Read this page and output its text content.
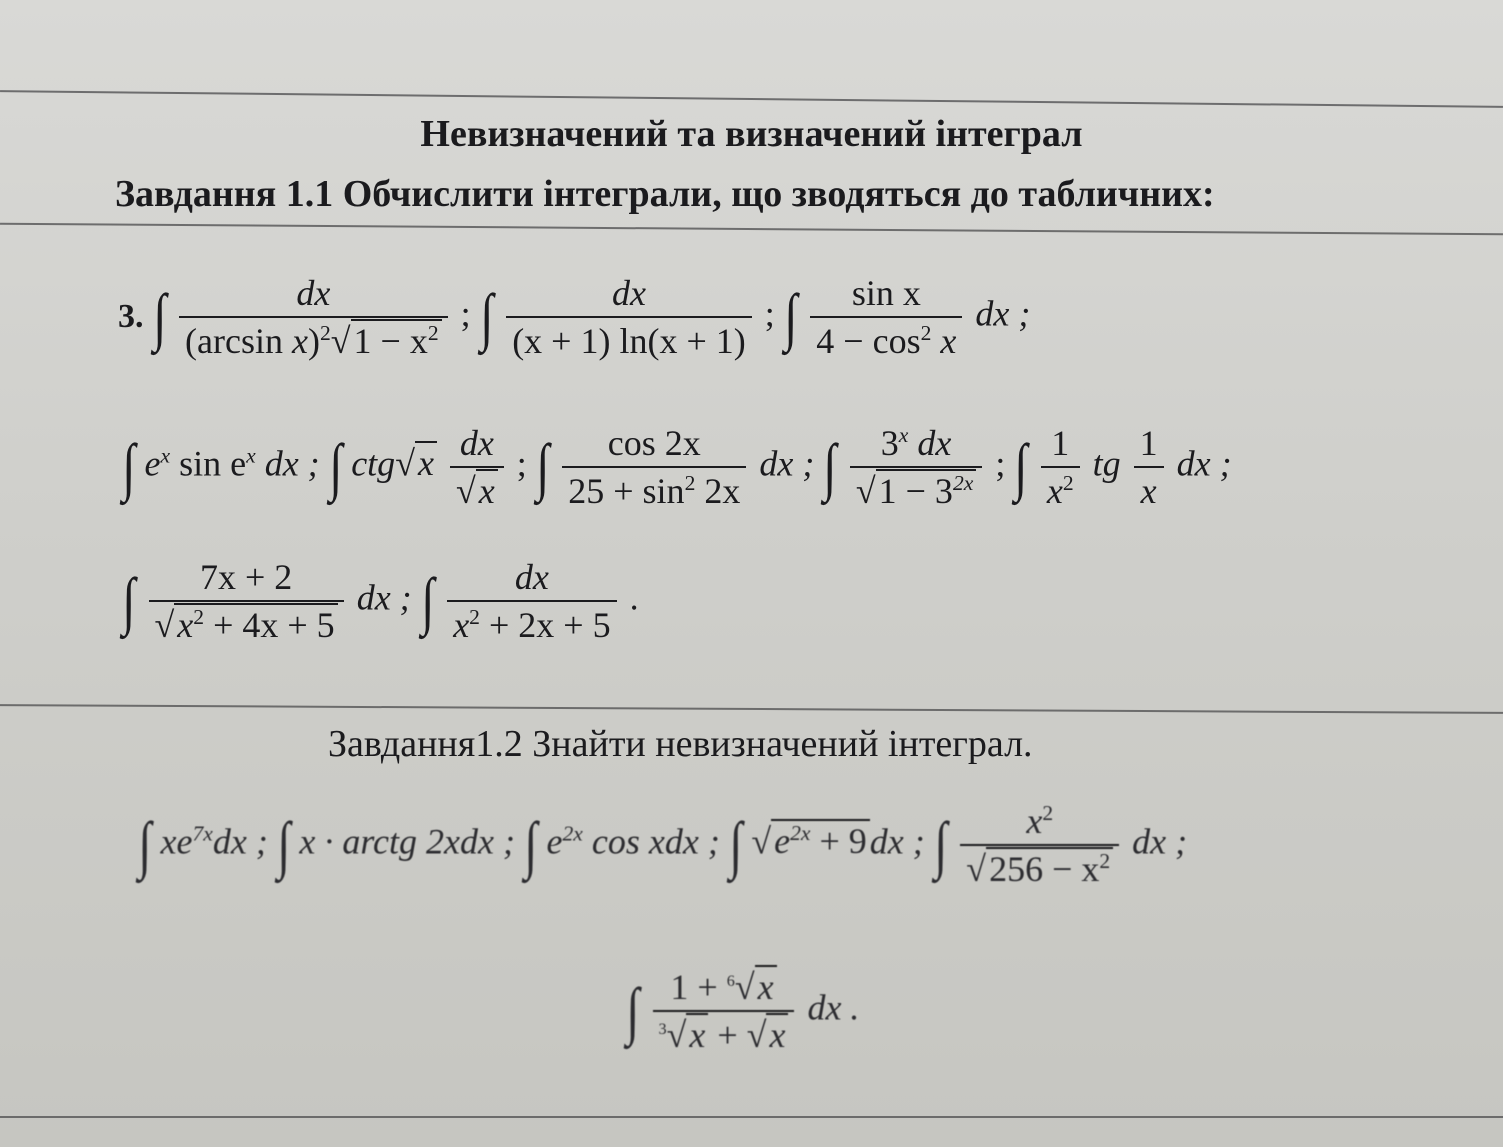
Невизначений та визначений інтеграл
Завдання 1.1 Обчислити інтеграли, що зводяться до табличних:
3. ∫ $\frac{dx}{(\arcsin x)^2√1 - x^2}$ ; ∫ $\frac{dx}{(x + 1) \ln(x + 1)}$ ; ∫ $\frac{\text{sin x}}{4 - \cos^2 x}$ dx ;
∫ $e^x$ $\sin e^x$ dx ; ∫ $ctg√x \frac{dx}{√x}$ ; ∫ $\frac{\cos 2x}{25 + \sin^2 2x}$ dx ; ∫ $\frac{3^x dx}{√1 - 3^{2x}}$ ; ∫ $\frac{1}{x^2}$ tg $\frac{1}{x}$ dx ;
∫ $\frac{7x + 2}{√x^2 + 4x + 5}$ dx ; ∫ $\frac{dx}{x^2 + 2x + 5}$ .
Завдання1.2 Знайти невизначений інтеграл.
∫ $xe^{7x}dx$ ; ∫ x · arctg 2xdx ; ∫ $e^{2x}$ cos xdx ; ∫ $√e^{2x} + 9dx$ ; ∫ $\frac{x^2}{√256 - x^2}$ dx ;
∫ $\frac{1 + ^6√x}{^3√x + √x}$ dx .
